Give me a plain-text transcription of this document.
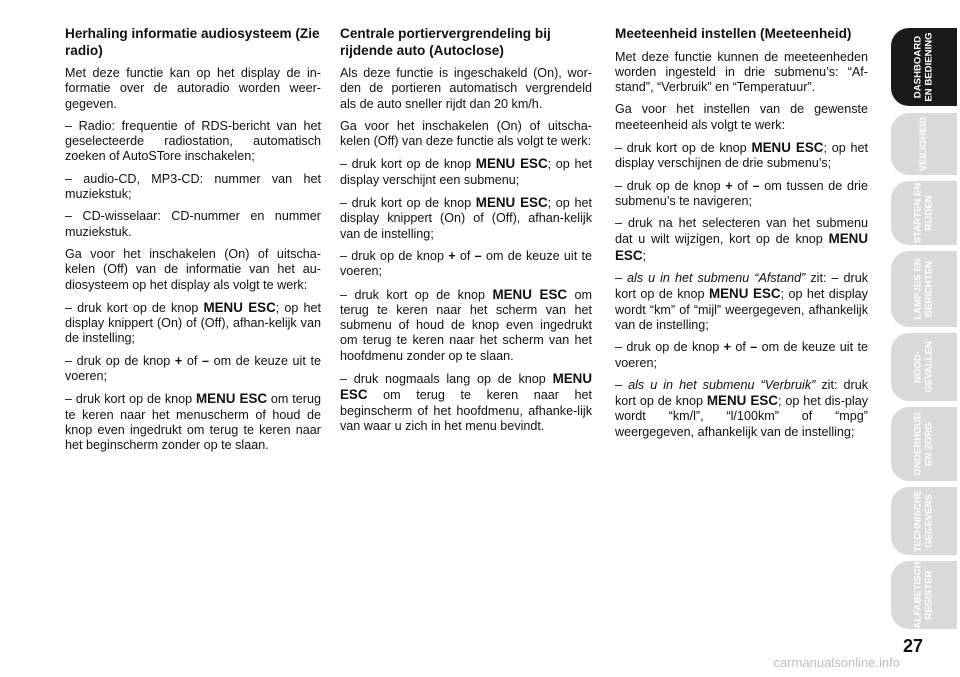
Herhaling informatie audiosysteem (Zie radio)

Met deze functie kan op het display de in-formatie over de autoradio worden weer-gegeven.

– Radio: frequentie of RDS-bericht van het geselecteerde radiostation, automatisch zoeken of AutoSTore inschakelen;

– audio-CD, MP3-CD: nummer van het muziekstuk;

– CD-wisselaar: CD-nummer en nummer muziekstuk.

Ga voor het inschakelen (On) of uitscha-kelen (Off) van de informatie van het au-diosysteem op het display als volgt te werk:

– druk kort op de knop MENU ESC; op het display knippert (On) of (Off), afhan-kelijk van de instelling;

– druk op de knop + of – om de keuze uit te voeren;

– druk kort op de knop MENU ESC om terug te keren naar het menuscherm of houd de knop even ingedrukt om terug te keren naar het beginscherm zonder op te slaan.

Centrale portiervergrendeling bij rijdende auto (Autoclose)

Als deze functie is ingeschakeld (On), wor-den de portieren automatisch vergrendeld als de auto sneller rijdt dan 20 km/h.

Ga voor het inschakelen (On) of uitscha-kelen (Off) van deze functie als volgt te werk:

– druk kort op de knop MENU ESC; op het display verschijnt een submenu;

– druk kort op de knop MENU ESC; op het display knippert (On) of (Off), afhan-kelijk van de instelling;

– druk op de knop + of – om de keuze uit te voeren;

– druk kort op de knop MENU ESC om terug te keren naar het scherm van het submenu of houd de knop even ingedrukt om terug te keren naar het scherm van het hoofdmenu zonder op te slaan.

– druk nogmaals lang op de knop MENU ESC om terug te keren naar het beginscherm of het hoofdmenu, afhanke-lijk van waar u zich in het menu bevindt.

Meeteenheid instellen (Meeteenheid)

Met deze functie kunnen de meeteenheden worden ingesteld in drie submenu’s: “Af-stand”, “Verbruik” en “Temperatuur”.

Ga voor het instellen van de gewenste meeteenheid als volgt te werk:

– druk kort op de knop MENU ESC; op het display verschijnen de drie submenu’s;

– druk op de knop + of – om tussen de drie submenu’s te navigeren;

– druk na het selecteren van het submenu dat u wilt wijzigen, kort op de knop MENU ESC;

– als u in het submenu “Afstand” zit: – druk kort op de knop MENU ESC; op het display wordt “km” of “mijl” weergegeven, afhankelijk van de instelling;

– druk op de knop + of – om de keuze uit te voeren;

– als u in het submenu “Verbruik” zit: druk kort op de knop MENU ESC; op het dis-play wordt “km/l”, “l/100km” of “mpg” weergegeven, afhankelijk van de instelling;

DASHBOARD
EN BEDIENING
VEILIGHEID
STARTEN EN
RIJDEN
LAMPJES EN
BERICHTEN
NOOD-
GEVALLEN
ONDERHOUD
EN ZORG
TECHNISCHE
GEGEVENS
ALFABETISCH
REGISTER
27
carmanualsonline.info
